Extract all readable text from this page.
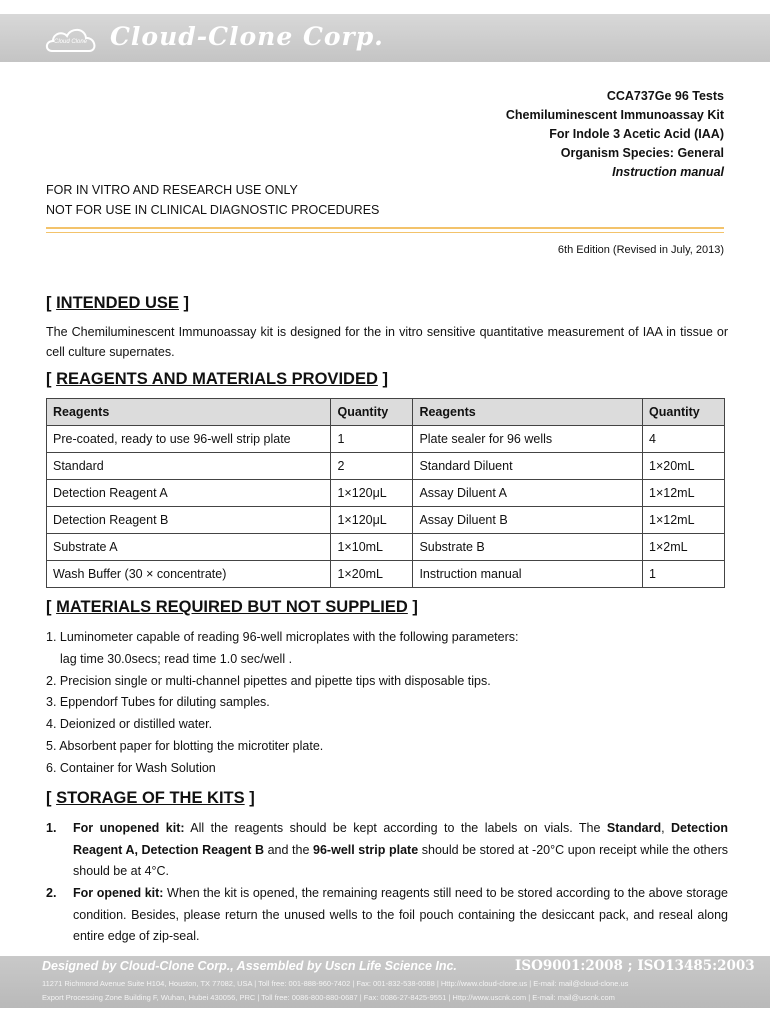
Cloud Clone Cloud-Clone Corp.
CCA737Ge 96 Tests
Chemiluminescent Immunoassay Kit
For Indole 3 Acetic Acid (IAA)
Organism Species: General
Instruction manual
FOR IN VITRO AND RESEARCH USE ONLY
NOT FOR USE IN CLINICAL DIAGNOSTIC PROCEDURES
6th Edition (Revised in July, 2013)
[ INTENDED USE ]
The Chemiluminescent Immunoassay kit is designed for the in vitro sensitive quantitative measurement of IAA in tissue or cell culture supernates.
[ REAGENTS AND MATERIALS PROVIDED ]
Reagents	Quantity	Reagents	Quantity
Pre-coated, ready to use 96-well strip plate	1	Plate sealer for 96 wells	4
Standard	2	Standard Diluent	1×20mL
Detection Reagent A	1×120μL	Assay Diluent A	1×12mL
Detection Reagent B	1×120μL	Assay Diluent B	1×12mL
Substrate A	1×10mL	Substrate B	1×2mL
Wash Buffer (30 × concentrate)	1×20mL	Instruction manual	1
[ MATERIALS REQUIRED BUT NOT SUPPLIED ]
1. Luminometer capable of reading 96-well microplates with the following parameters:
lag time 30.0secs; read time 1.0 sec/well .
2. Precision single or multi-channel pipettes and pipette tips with disposable tips.
3. Eppendorf Tubes for diluting samples.
4. Deionized or distilled water.
5. Absorbent paper for blotting the microtiter plate.
6. Container for Wash Solution
[ STORAGE OF THE KITS ]
1. For unopened kit: All the reagents should be kept according to the labels on vials. The Standard, Detection Reagent A, Detection Reagent B and the 96-well strip plate should be stored at -20°C upon receipt while the others should be at 4°C.
2. For opened kit: When the kit is opened, the remaining reagents still need to be stored according to the above storage condition. Besides, please return the unused wells to the foil pouch containing the desiccant pack, and reseal along entire edge of zip-seal.
Designed by Cloud-Clone Corp., Assembled by Uscn Life Science Inc.	ISO9001:2008 ; ISO13485:2003
11271 Richmond Avenue Suite H104, Houston, TX 77082, USA | Toll free: 001-888-960-7402 | Fax: 001-832-538-0088 | Http://www.cloud-clone.us | E-mail: mail@cloud-clone.us
Export Processing Zone Building F, Wuhan, Hubei 430056, PRC | Toll free: 0086-800-880-0687 | Fax: 0086-27-8425-9551 | Http://www.uscnk.com | E-mail: mail@uscnk.com
